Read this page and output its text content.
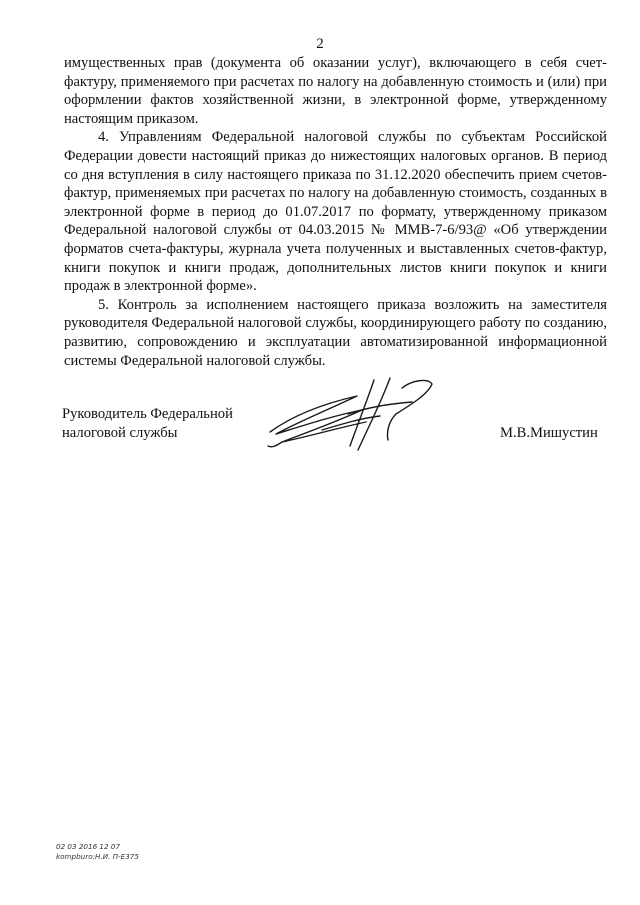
2

имущественных прав (документа об оказании услуг), включающего в себя счет-фактуру, применяемого при расчетах по налогу на добавленную стоимость и (или) при оформлении фактов хозяйственной жизни, в электронной форме, утвержденному настоящим приказом.

4. Управлениям Федеральной налоговой службы по субъектам Российской Федерации довести настоящий приказ до нижестоящих налоговых органов. В период со дня вступления в силу настоящего приказа по 31.12.2020 обеспечить прием счетов-фактур, применяемых при расчетах по налогу на добавленную стоимость, созданных в электронной форме в период до 01.07.2017 по формату, утвержденному приказом Федеральной налоговой службы от 04.03.2015 № ММВ-7-6/93@ «Об утверждении форматов счета-фактуры, журнала учета полученных и выставленных счетов-фактур, книги покупок и книги продаж, дополнительных листов книги покупок и книги продаж в электронной форме».

5. Контроль за исполнением настоящего приказа возложить на заместителя руководителя Федеральной налоговой службы, координирующего работу по созданию, развитию, сопровождению и эксплуатации автоматизированной информационной системы Федеральной налоговой службы.

Руководитель Федеральной
налоговой службы	М.В.Мишустин
02 03 2016 12 07
kompburo:Н.И. П-Е375
